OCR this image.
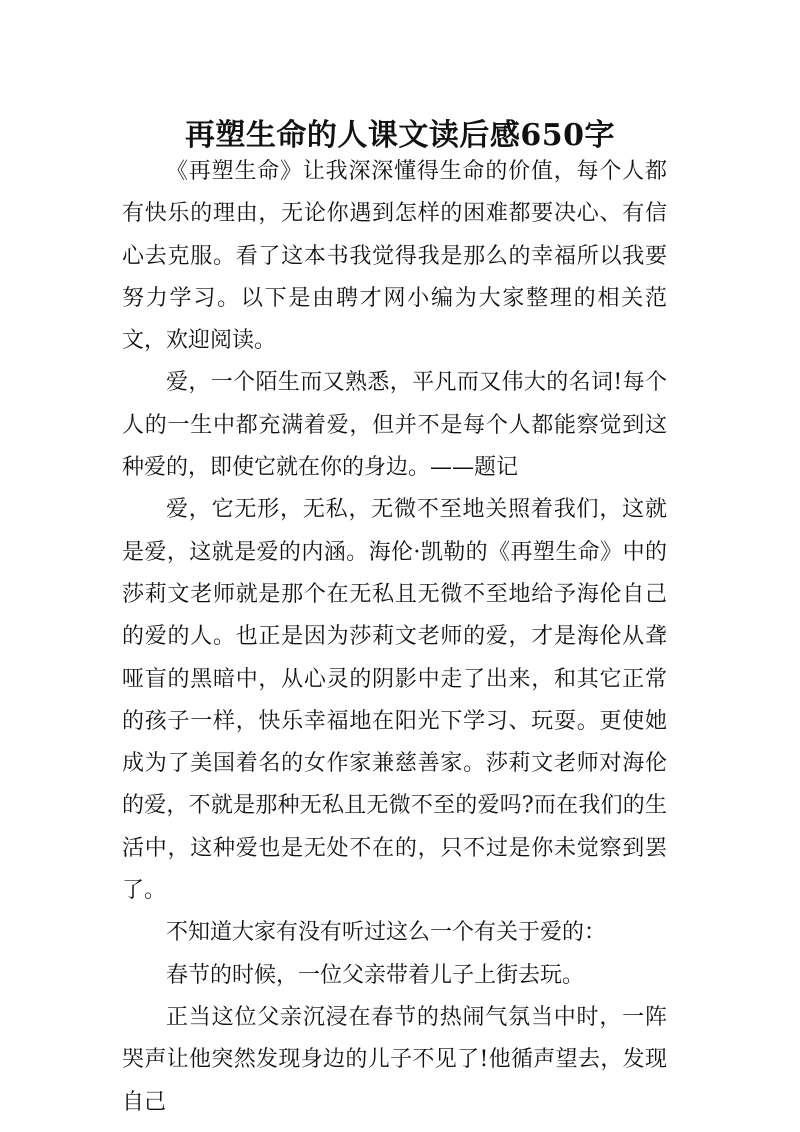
再塑生命的人课文读后感650字

《再塑生命》让我深深懂得生命的价值，每个人都有快乐的理由，无论你遇到怎样的困难都要决心、有信心去克服。看了这本书我觉得我是那么的幸福所以我要努力学习。以下是由聘才网小编为大家整理的相关范文，欢迎阅读。

爱，一个陌生而又熟悉，平凡而又伟大的名词!每个人的一生中都充满着爱，但并不是每个人都能察觉到这种爱的，即使它就在你的身边。——题记

爱，它无形，无私，无微不至地关照着我们，这就是爱，这就是爱的内涵。海伦·凯勒的《再塑生命》中的莎莉文老师就是那个在无私且无微不至地给予海伦自己的爱的人。也正是因为莎莉文老师的爱，才是海伦从聋哑盲的黑暗中，从心灵的阴影中走了出来，和其它正常的孩子一样，快乐幸福地在阳光下学习、玩耍。更使她成为了美国着名的女作家兼慈善家。莎莉文老师对海伦的爱，不就是那种无私且无微不至的爱吗?而在我们的生活中，这种爱也是无处不在的，只不过是你未觉察到罢了。

不知道大家有没有听过这么一个有关于爱的：

春节的时候，一位父亲带着儿子上街去玩。

正当这位父亲沉浸在春节的热闹气氛当中时，一阵哭声让他突然发现身边的儿子不见了!他循声望去，发现自己
